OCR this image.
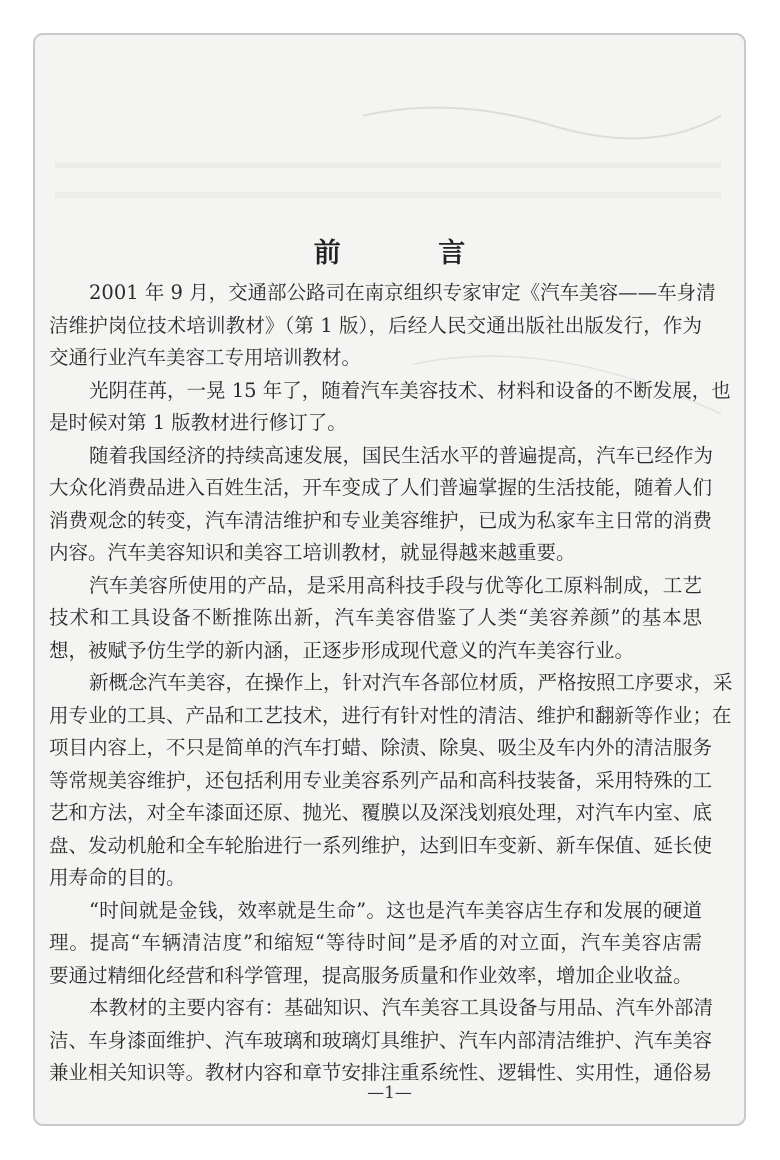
前 言
2001 年 9 月，交通部公路司在南京组织专家审定《汽车美容——车身清
洁维护岗位技术培训教材》（第 1 版），后经人民交通出版社出版发行，作为
交通行业汽车美容工专用培训教材。
光阴荏苒，一晃 15 年了，随着汽车美容技术、材料和设备的不断发展，也
是时候对第 1 版教材进行修订了。
随着我国经济的持续高速发展，国民生活水平的普遍提高，汽车已经作为
大众化消费品进入百姓生活，开车变成了人们普遍掌握的生活技能，随着人们
消费观念的转变，汽车清洁维护和专业美容维护，已成为私家车主日常的消费
内容。汽车美容知识和美容工培训教材，就显得越来越重要。
汽车美容所使用的产品，是采用高科技手段与优等化工原料制成，工艺
技术和工具设备不断推陈出新，汽车美容借鉴了人类“美容养颜”的基本思
想，被赋予仿生学的新内涵，正逐步形成现代意义的汽车美容行业。
新概念汽车美容，在操作上，针对汽车各部位材质，严格按照工序要求，采
用专业的工具、产品和工艺技术，进行有针对性的清洁、维护和翻新等作业；在
项目内容上，不只是简单的汽车打蜡、除渍、除臭、吸尘及车内外的清洁服务
等常规美容维护，还包括利用专业美容系列产品和高科技装备，采用特殊的工
艺和方法，对全车漆面还原、抛光、覆膜以及深浅划痕处理，对汽车内室、底
盘、发动机舱和全车轮胎进行一系列维护，达到旧车变新、新车保值、延长使
用寿命的目的。
“时间就是金钱，效率就是生命”。这也是汽车美容店生存和发展的硬道
理。提高“车辆清洁度”和缩短“等待时间”是矛盾的对立面，汽车美容店需
要通过精细化经营和科学管理，提高服务质量和作业效率，增加企业收益。
本教材的主要内容有：基础知识、汽车美容工具设备与用品、汽车外部清
洁、车身漆面维护、汽车玻璃和玻璃灯具维护、汽车内部清洁维护、汽车美容
兼业相关知识等。教材内容和章节安排注重系统性、逻辑性、实用性，通俗易
—1—
